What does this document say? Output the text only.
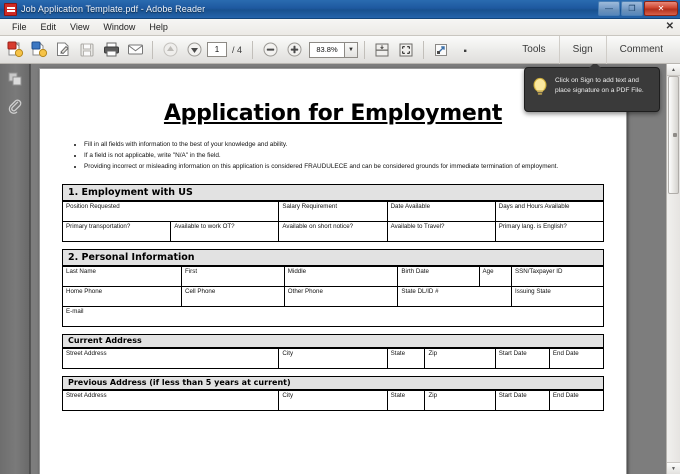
Job Application Template.pdf - Adobe Reader	—	❐	✕
File	Edit	View	Window	Help	✕
1	/ 4	83.8%	▼	Tools	Sign	Comment
Application for Employment
• Fill in all fields with information to the best of your knowledge and ability.
• If a field is not applicable, write "N/A" in the field.
• Providing incorrect or misleading information on this application is considered FRAUDULECE and can be considered grounds for immediate termination of employment.
1. Employment with US
Position Requested		Salary Requirement	Date Available	Days and Hours Available
Primary transportation?	Available to work OT?	Available on short notice?	Available to Travel?	Primary lang. is English?
2. Personal Information
Last Name	First	Middle	Birth Date	Age	SSN/Taxpayer ID
Home Phone	Cell Phone	Other Phone	State DL/ID #		Issuing State
E-mail					
Current Address
Street Address	City	State	Zip	Start Date	End Date
Previous Address (if less than 5 years at current)
Street Address	City	State	Zip	Start Date	End Date
Click on Sign to add text and place signature on a PDF File.
▲
▼
